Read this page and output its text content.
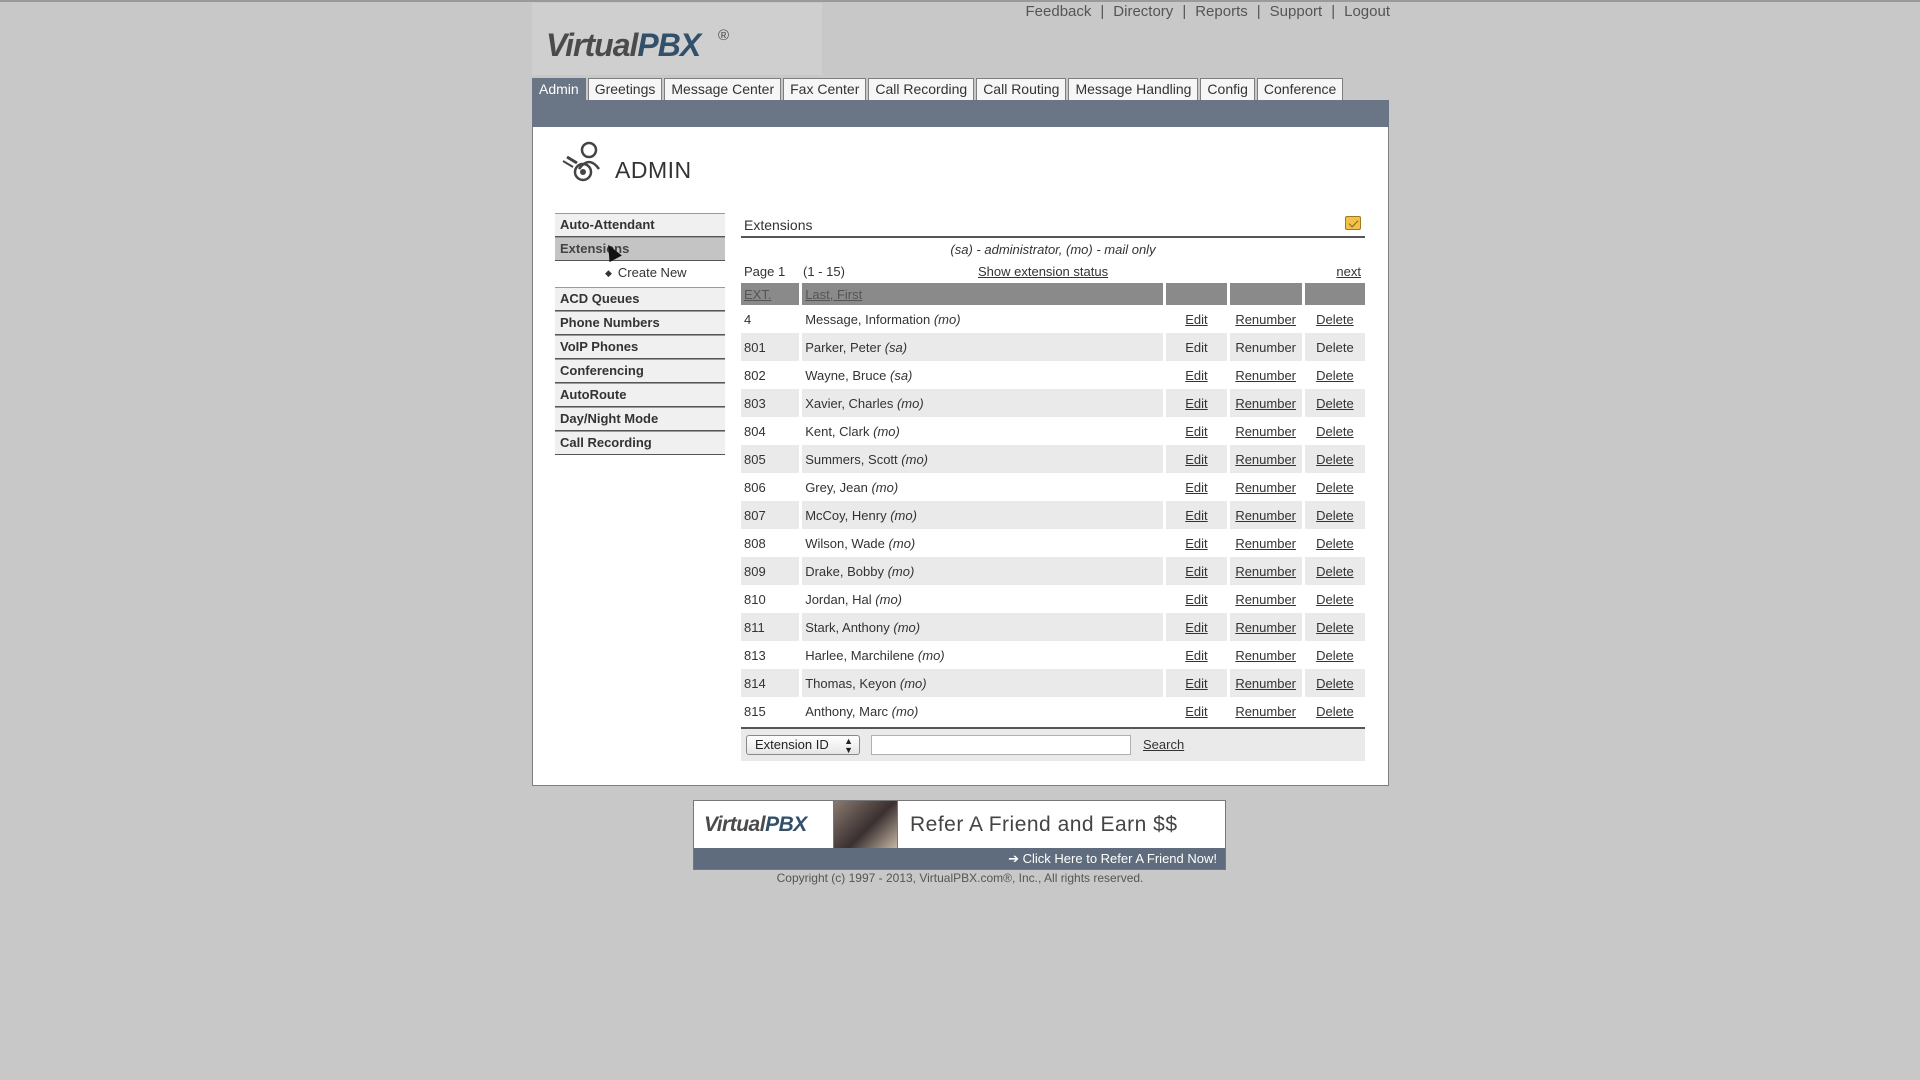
Feedback | Directory | Reports | Support | Logout
VirtualPBX ®
Admin	Greetings	Message Center	Fax Center	Call Recording	Call Routing	Message Handling	Config	Conference
ADMIN
Auto-Attendant
Extensions
◆ Create New
ACD Queues
Phone Numbers
VoIP Phones
Conferencing
AutoRoute
Day/Night Mode
Call Recording
Extensions
(sa) - administrator, (mo) - mail only
Page 1 (1 - 15)	Show extension status	next
EXT.	Last, First			
4	Message, Information (mo)	Edit	Renumber	Delete
801	Parker, Peter (sa)	Edit	Renumber	Delete
802	Wayne, Bruce (sa)	Edit	Renumber	Delete
803	Xavier, Charles (mo)	Edit	Renumber	Delete
804	Kent, Clark (mo)	Edit	Renumber	Delete
805	Summers, Scott (mo)	Edit	Renumber	Delete
806	Grey, Jean (mo)	Edit	Renumber	Delete
807	McCoy, Henry (mo)	Edit	Renumber	Delete
808	Wilson, Wade (mo)	Edit	Renumber	Delete
809	Drake, Bobby (mo)	Edit	Renumber	Delete
810	Jordan, Hal (mo)	Edit	Renumber	Delete
811	Stark, Anthony (mo)	Edit	Renumber	Delete
813	Harlee, Marchilene (mo)	Edit	Renumber	Delete
814	Thomas, Keyon (mo)	Edit	Renumber	Delete
815	Anthony, Marc (mo)	Edit	Renumber	Delete
Extension ID ▲
▼	Search
VirtualPBX	Refer A Friend and Earn $$
➔ Click Here to Refer A Friend Now!
Copyright (c) 1997 - 2013, VirtualPBX.com®, Inc., All rights reserved.
